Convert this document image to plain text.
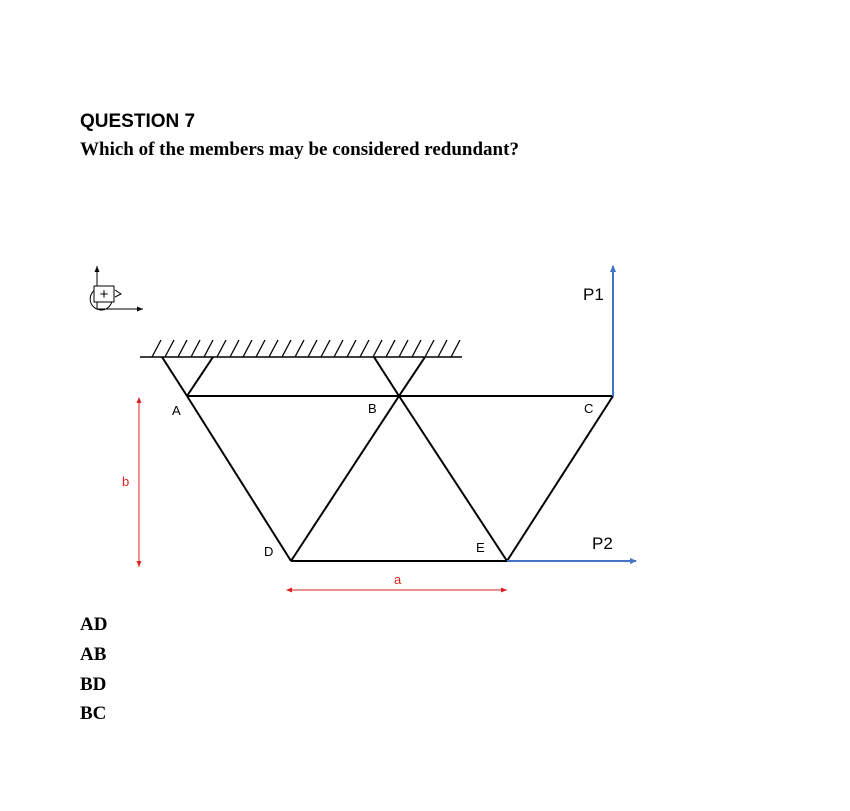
QUESTION 7
Which of the members may be considered redundant?
+
A	B	C
D	E
P1
P2
b
a
AD
AB
BD
BC
